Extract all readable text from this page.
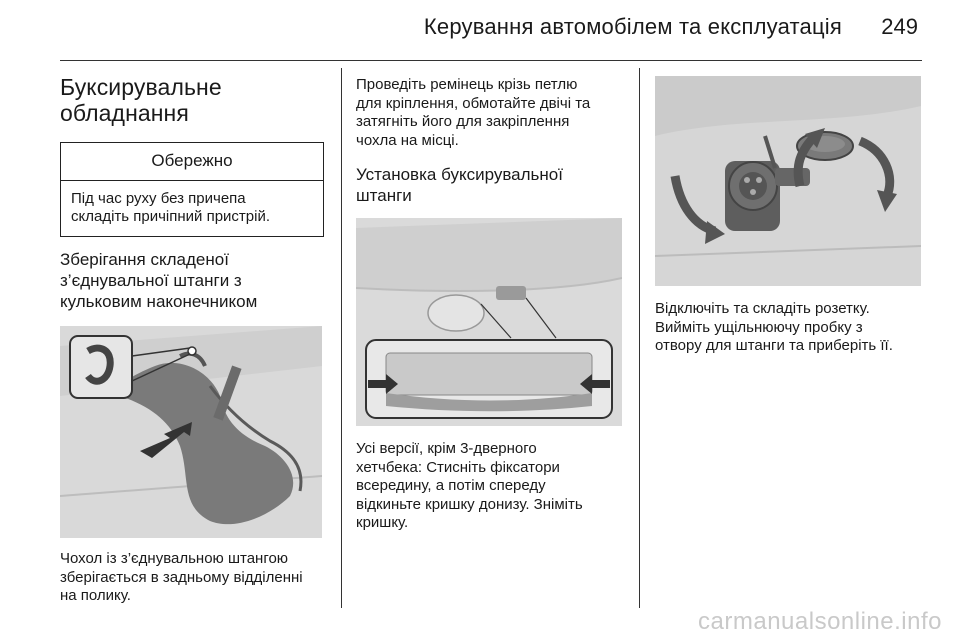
Керування автомобілем та експлуатація 249
Буксирувальне
обладнання
Обережно
Під час руху без причепа
складіть причіпний пристрій.
Зберігання складеної
з’єднувальної штанги з
кульковим наконечником

Чохол із з’єднувальною штангою
зберігається в задньому відділенні
на полику.

Проведіть ремінець крізь петлю
для кріплення, обмотайте двічі та
затягніть його для закріплення
чохла на місці.

Установка буксирувальної
штанги

Усі версії, крім 3-дверного
хетчбека: Стисніть фіксатори
всередину, а потім спереду
відкиньте кришку донизу. Зніміть
кришку.

Відключіть та складіть розетку.
Вийміть ущільнюючу пробку з
отвору для штанги та приберіть її.

carmanualsonline.info
